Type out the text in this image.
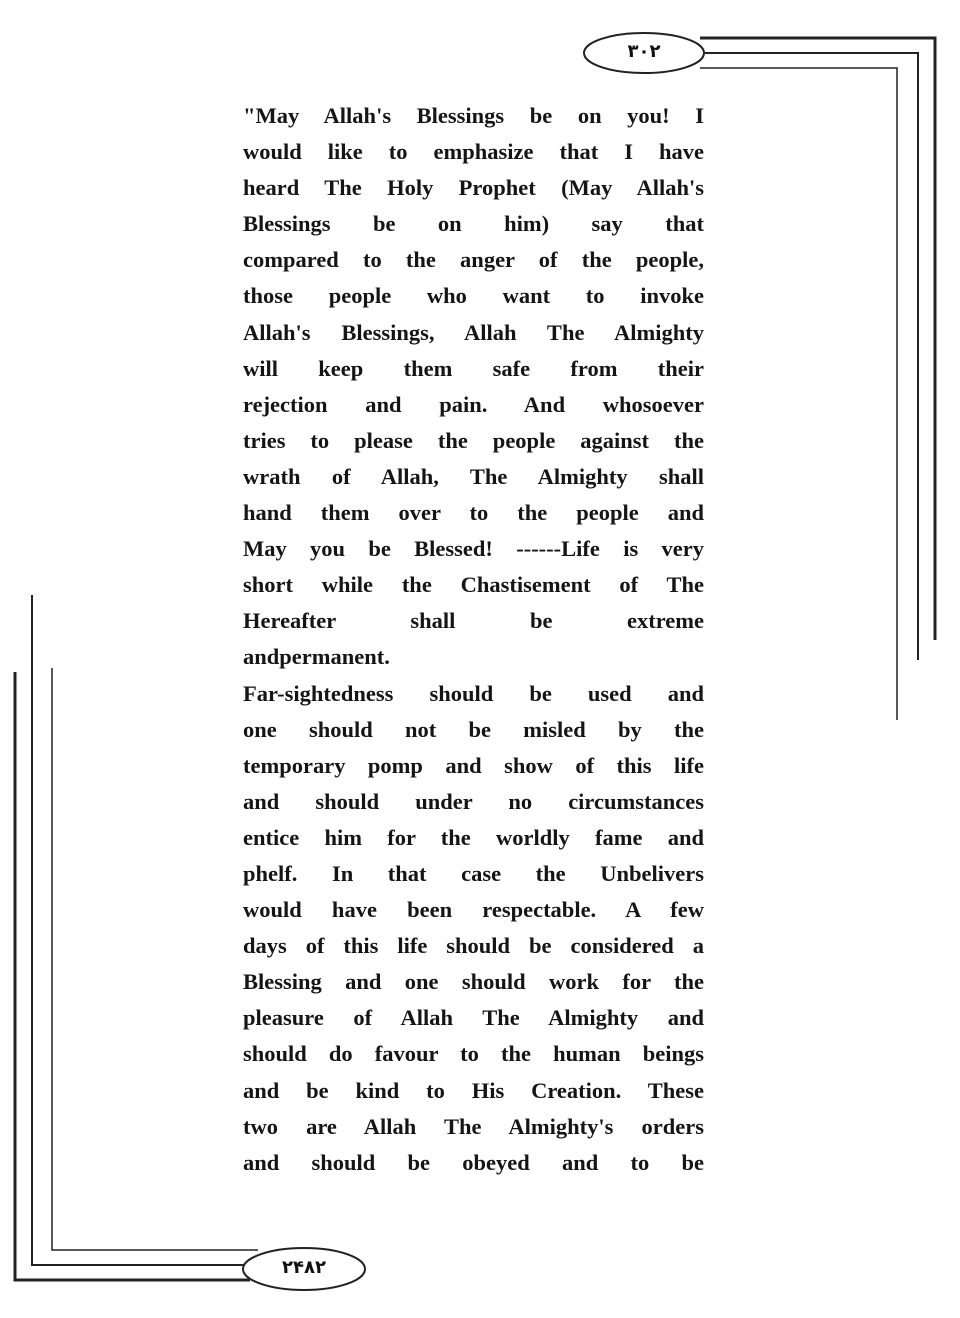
۳۰۲
۲۴۸۲
"May Allah's Blessings be on you! I
would like to emphasize that I have
heard The Holy Prophet (May Allah's
Blessings be on him) say that
compared to the anger of the people,
those people who want to invoke
Allah's Blessings, Allah The Almighty
will keep them safe from their
rejection and pain. And whosoever
tries to please the people against the
wrath of Allah, The Almighty shall
hand them over to the people and
May you be Blessed! ------Life is very
short while the Chastisement of The
Hereafter shall be extreme
andpermanent.
Far-sightedness should be used and
one should not be misled by the
temporary pomp and show of this life
and should under no circumstances
entice him for the worldly fame and
phelf. In that case the Unbelivers
would have been respectable. A few
days of this life should be considered a
Blessing and one should work for the
pleasure of Allah The Almighty and
should do favour to the human beings
and be kind to His Creation. These
two are Allah The Almighty's orders
and should be obeyed and to be
